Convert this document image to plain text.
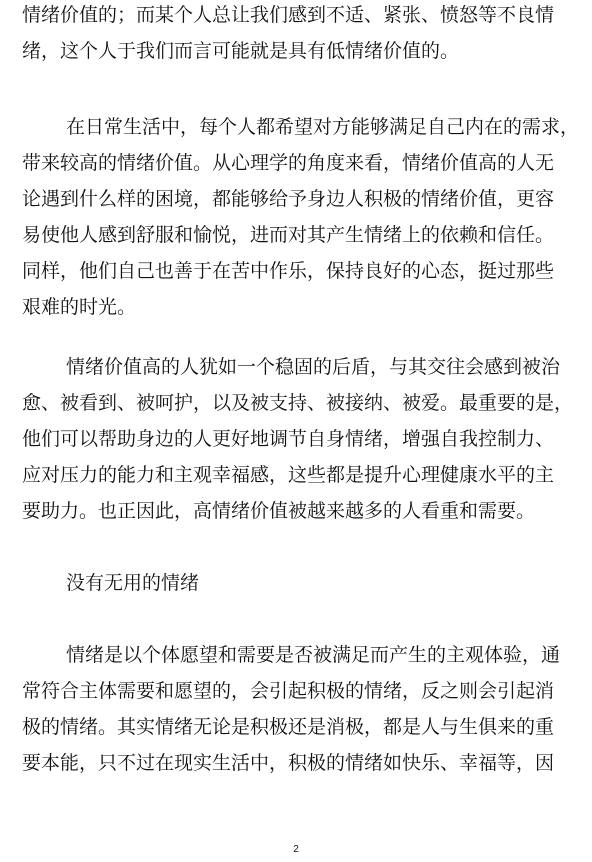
情绪价值的；而某个人总让我们感到不适、紧张、愤怒等不良情
绪，这个人于我们而言可能就是具有低情绪价值的。
在日常生活中，每个人都希望对方能够满足自己内在的需求，
带来较高的情绪价值。从心理学的角度来看，情绪价值高的人无
论遇到什么样的困境，都能够给予身边人积极的情绪价值，更容
易使他人感到舒服和愉悦，进而对其产生情绪上的依赖和信任。
同样，他们自己也善于在苦中作乐，保持良好的心态，挺过那些
艰难的时光。
情绪价值高的人犹如一个稳固的后盾，与其交往会感到被治
愈、被看到、被呵护，以及被支持、被接纳、被爱。最重要的是，
他们可以帮助身边的人更好地调节自身情绪，增强自我控制力、
应对压力的能力和主观幸福感，这些都是提升心理健康水平的主
要助力。也正因此，高情绪价值被越来越多的人看重和需要。
没有无用的情绪
情绪是以个体愿望和需要是否被满足而产生的主观体验，通
常符合主体需要和愿望的，会引起积极的情绪，反之则会引起消
极的情绪。其实情绪无论是积极还是消极，都是人与生俱来的重
要本能，只不过在现实生活中，积极的情绪如快乐、幸福等，因
2
